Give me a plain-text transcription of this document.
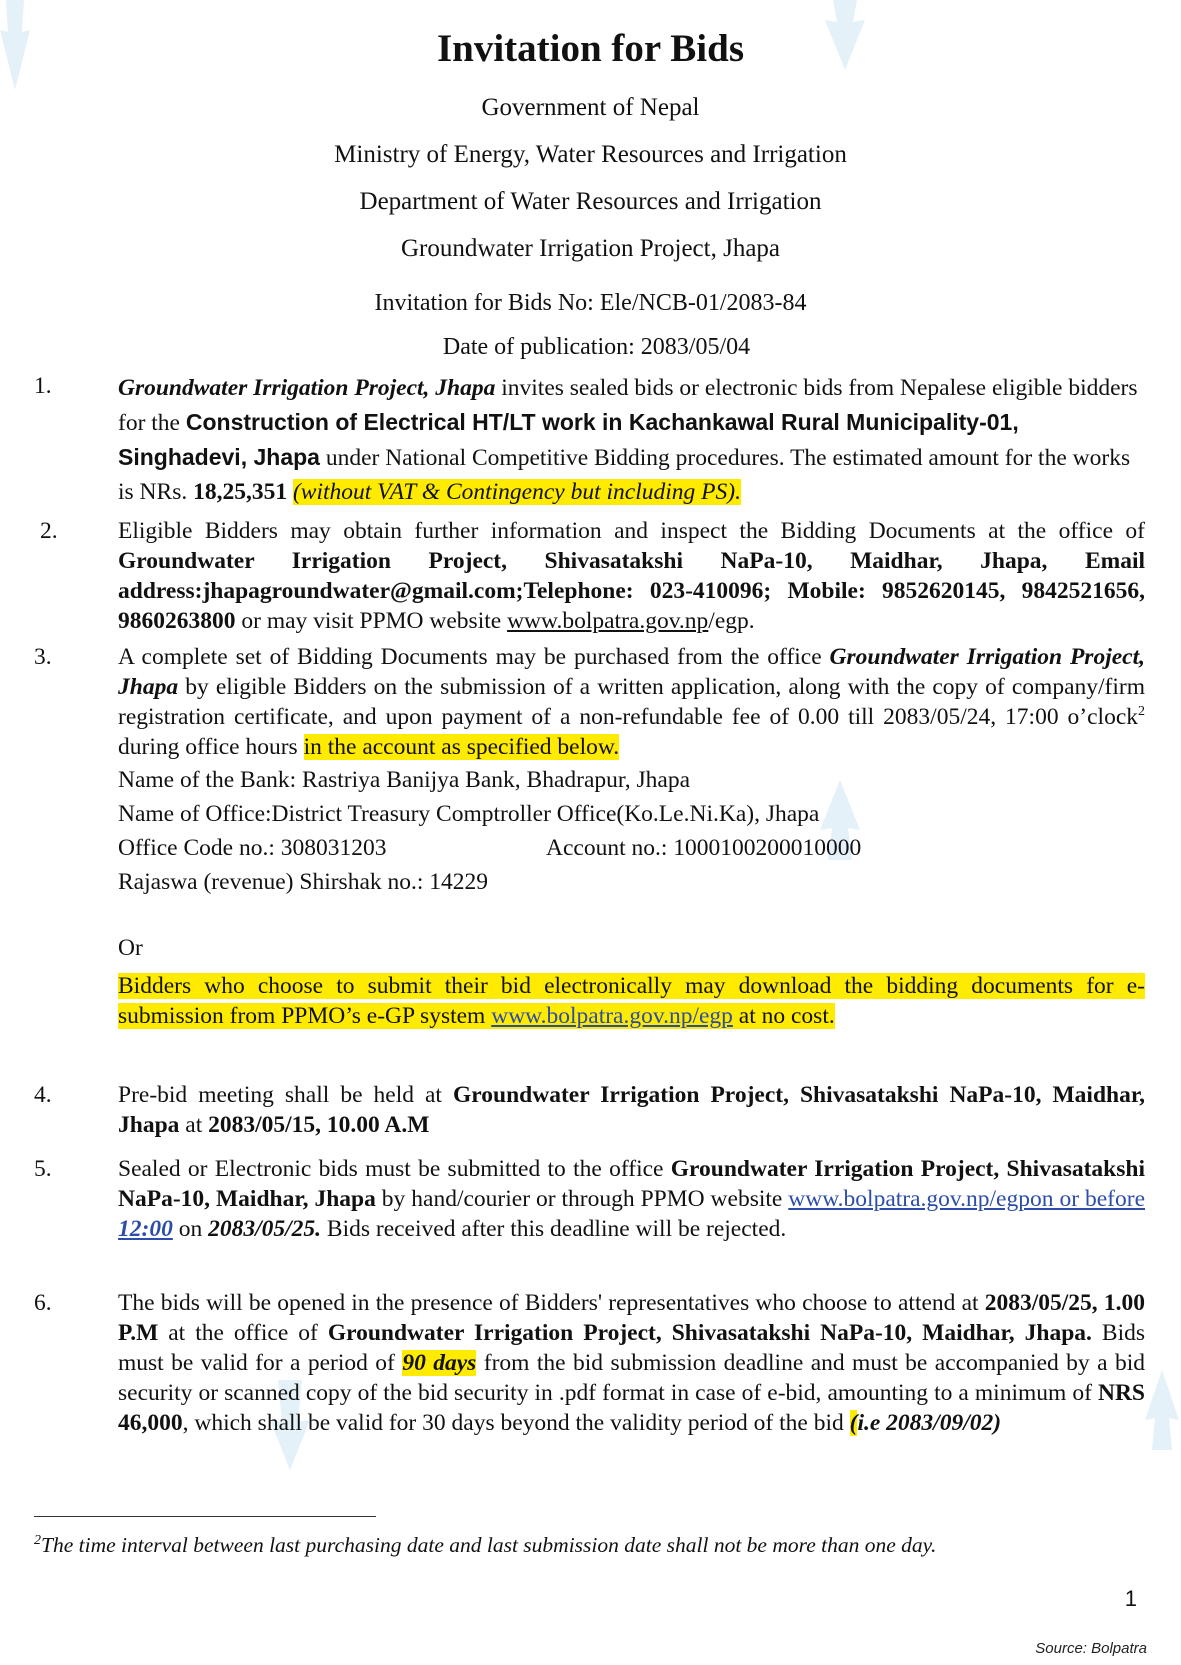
Invitation for Bids
Government of Nepal
Ministry of Energy, Water Resources and Irrigation
Department of Water Resources and Irrigation
Groundwater Irrigation Project, Jhapa
Invitation for Bids No: Ele/NCB-01/2083-84
Date of publication: 2083/05/04
1.	Groundwater Irrigation Project, Jhapa invites sealed bids or electronic bids from Nepalese eligible bidders for the Construction of Electrical HT/LT work in Kachankawal Rural Municipality-01, Singhadevi, Jhapa under National Competitive Bidding procedures. The estimated amount for the works is NRs. 18,25,351 (without VAT & Contingency but including PS).
2.	Eligible Bidders may obtain further information and inspect the Bidding Documents at the office of Groundwater Irrigation Project, Shivasatakshi NaPa-10, Maidhar, Jhapa, Email address:jhapagroundwater@gmail.com;Telephone: 023-410096; Mobile: 9852620145, 9842521656, 9860263800 or may visit PPMO website www.bolpatra.gov.np/egp.
3.	A complete set of Bidding Documents may be purchased from the office Groundwater Irrigation Project, Jhapa by eligible Bidders on the submission of a written application, along with the copy of company/firm registration certificate, and upon payment of a non-refundable fee of 0.00 till 2083/05/24, 17:00 o’clock$^2$ during office hours in the account as specified below.
Name of the Bank: Rastriya Banijya Bank, Bhadrapur, Jhapa
Name of Office:District Treasury Comptroller Office(Ko.Le.Ni.Ka), Jhapa
Office Code no.: 308031203	Account no.: 1000100200010000
Rajaswa (revenue) Shirshak no.: 14229
Or
Bidders who choose to submit their bid electronically may download the bidding documents for e-submission from PPMO’s e-GP system www.bolpatra.gov.np/egp at no cost.
4.	Pre-bid meeting shall be held at Groundwater Irrigation Project, Shivasatakshi NaPa-10, Maidhar, Jhapa at 2083/05/15, 10.00 A.M
5.	Sealed or Electronic bids must be submitted to the office Groundwater Irrigation Project, Shivasatakshi NaPa-10, Maidhar, Jhapa by hand/courier or through PPMO website www.bolpatra.gov.np/egpon or before 12:00 on 2083/05/25. Bids received after this deadline will be rejected.
6.	The bids will be opened in the presence of Bidders' representatives who choose to attend at 2083/05/25, 1.00 P.M at the office of Groundwater Irrigation Project, Shivasatakshi NaPa-10, Maidhar, Jhapa. Bids must be valid for a period of 90 days from the bid submission deadline and must be accompanied by a bid security or scanned copy of the bid security in .pdf format in case of e-bid, amounting to a minimum of NRS 46,000, which shall be valid for 30 days beyond the validity period of the bid (i.e 2083/09/02)
$^2$The time interval between last purchasing date and last submission date shall not be more than one day.
1
Source: Bolpatra
